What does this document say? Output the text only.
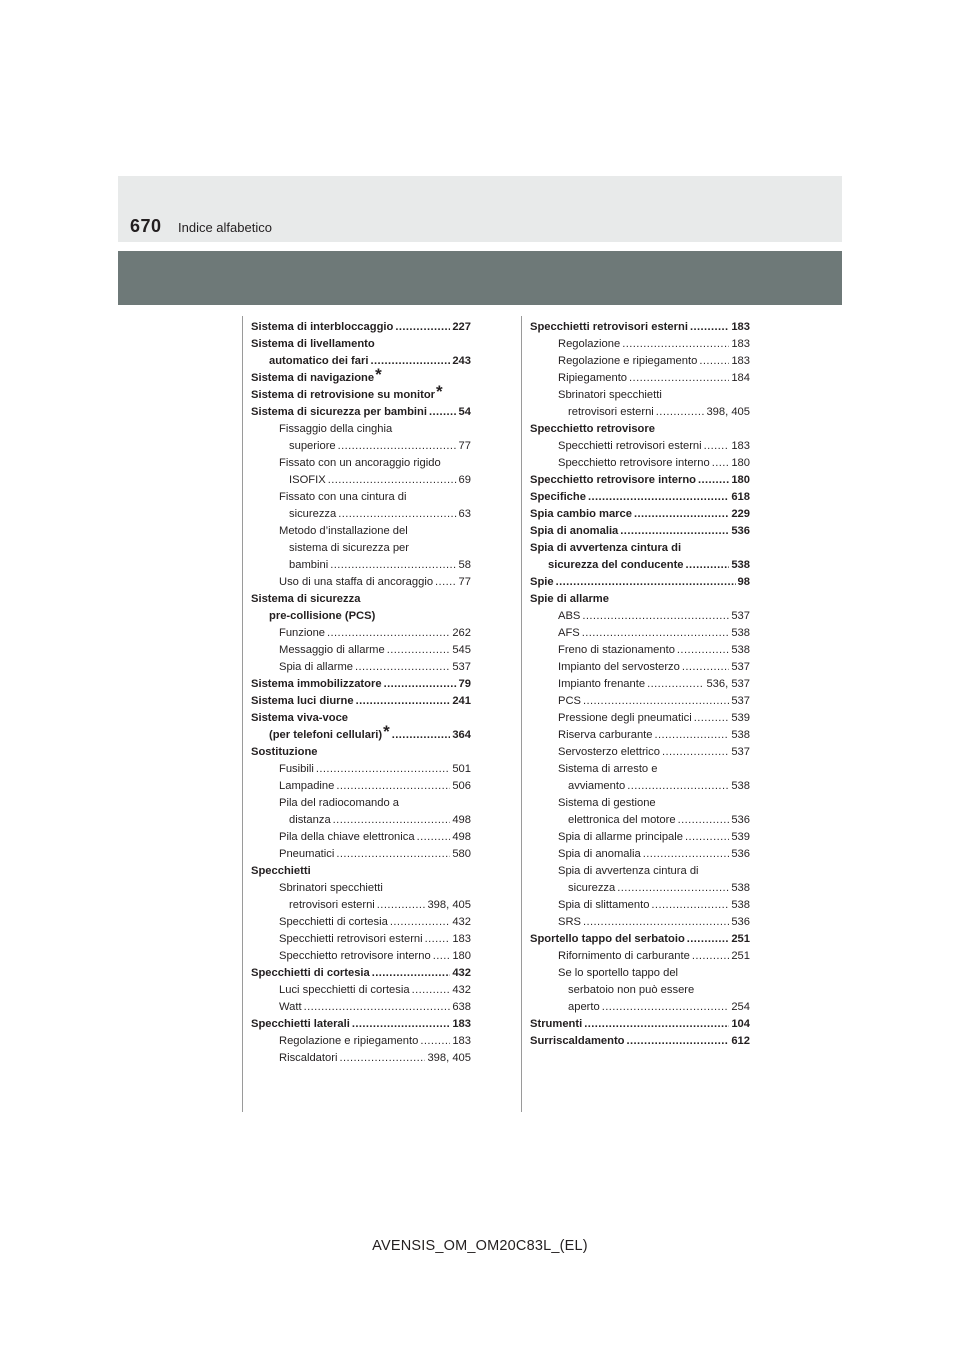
670 Indice alfabetico
Sistema di interbloccaggio .....	227
Sistema di livellamento
automatico dei fari .....	243
Sistema di navigazione *
Sistema di retrovisione su monitor *
Sistema di sicurezza per bambini .....	54
Fissaggio della cinghia
superiore .....	77
Fissato con un ancoraggio rigido
ISOFIX .....	69
Fissato con una cintura di
sicurezza .....	63
Metodo d’installazione del
sistema di sicurezza per
bambini .....	58
Uso di una staffa di ancoraggio ..... 77
Sistema di sicurezza
pre-collisione (PCS)
Funzione .....	262
Messaggio di allarme .....	545
Spia di allarme .....	537
Sistema immobilizzatore .....	79
Sistema luci diurne .....	241
Sistema viva-voce
(per telefoni cellulari) * .....	364
Sostituzione
Fusibili .....	501
Lampadine .....	506
Pila del radiocomando a
distanza .....	498
Pila della chiave elettronica .....	498
Pneumatici .....	580
Specchietti
Sbrinatori specchietti
retrovisori esterni .....	398, 405
Specchietti di cortesia .....	432
Specchietti retrovisori esterni .....	183
Specchietto retrovisore interno ..... 180
Specchietti di cortesia .....	432
Luci specchietti di cortesia .....	432
Watt .....	638
Specchietti laterali .....	183
Regolazione e ripiegamento .....	183
Riscaldatori .....	398, 405
Specchietti retrovisori esterni .....	183
Regolazione .....	183
Regolazione e ripiegamento .....	183
Ripiegamento .....	184
Sbrinatori specchietti
retrovisori esterni .....	398, 405
Specchietto retrovisore
Specchietti retrovisori esterni .....	183
Specchietto retrovisore interno ..... 180
Specchietto retrovisore interno .....	180
Specifiche .....	618
Spia cambio marce .....	229
Spia di anomalia .....	536
Spia di avvertenza cintura di
sicurezza del conducente .....	538
Spie .....	98
Spie di allarme
ABS .....	537
AFS .....	538
Freno di stazionamento .....	538
Impianto del servosterzo .....	537
Impianto frenante .....	536, 537
PCS .....	537
Pressione degli pneumatici .....	539
Riserva carburante .....	538
Servosterzo elettrico .....	537
Sistema di arresto e
avviamento .....	538
Sistema di gestione
elettronica del motore .....	536
Spia di allarme principale .....	539
Spia di anomalia .....	536
Spia di avvertenza cintura di
sicurezza .....	538
Spia di slittamento .....	538
SRS .....	536
Sportello tappo del serbatoio .....	251
Rifornimento di carburante .....	251
Se lo sportello tappo del
serbatoio non può essere
aperto .....	254
Strumenti .....	104
Surriscaldamento .....	612
AVENSIS_OM_OM20C83L_(EL)
